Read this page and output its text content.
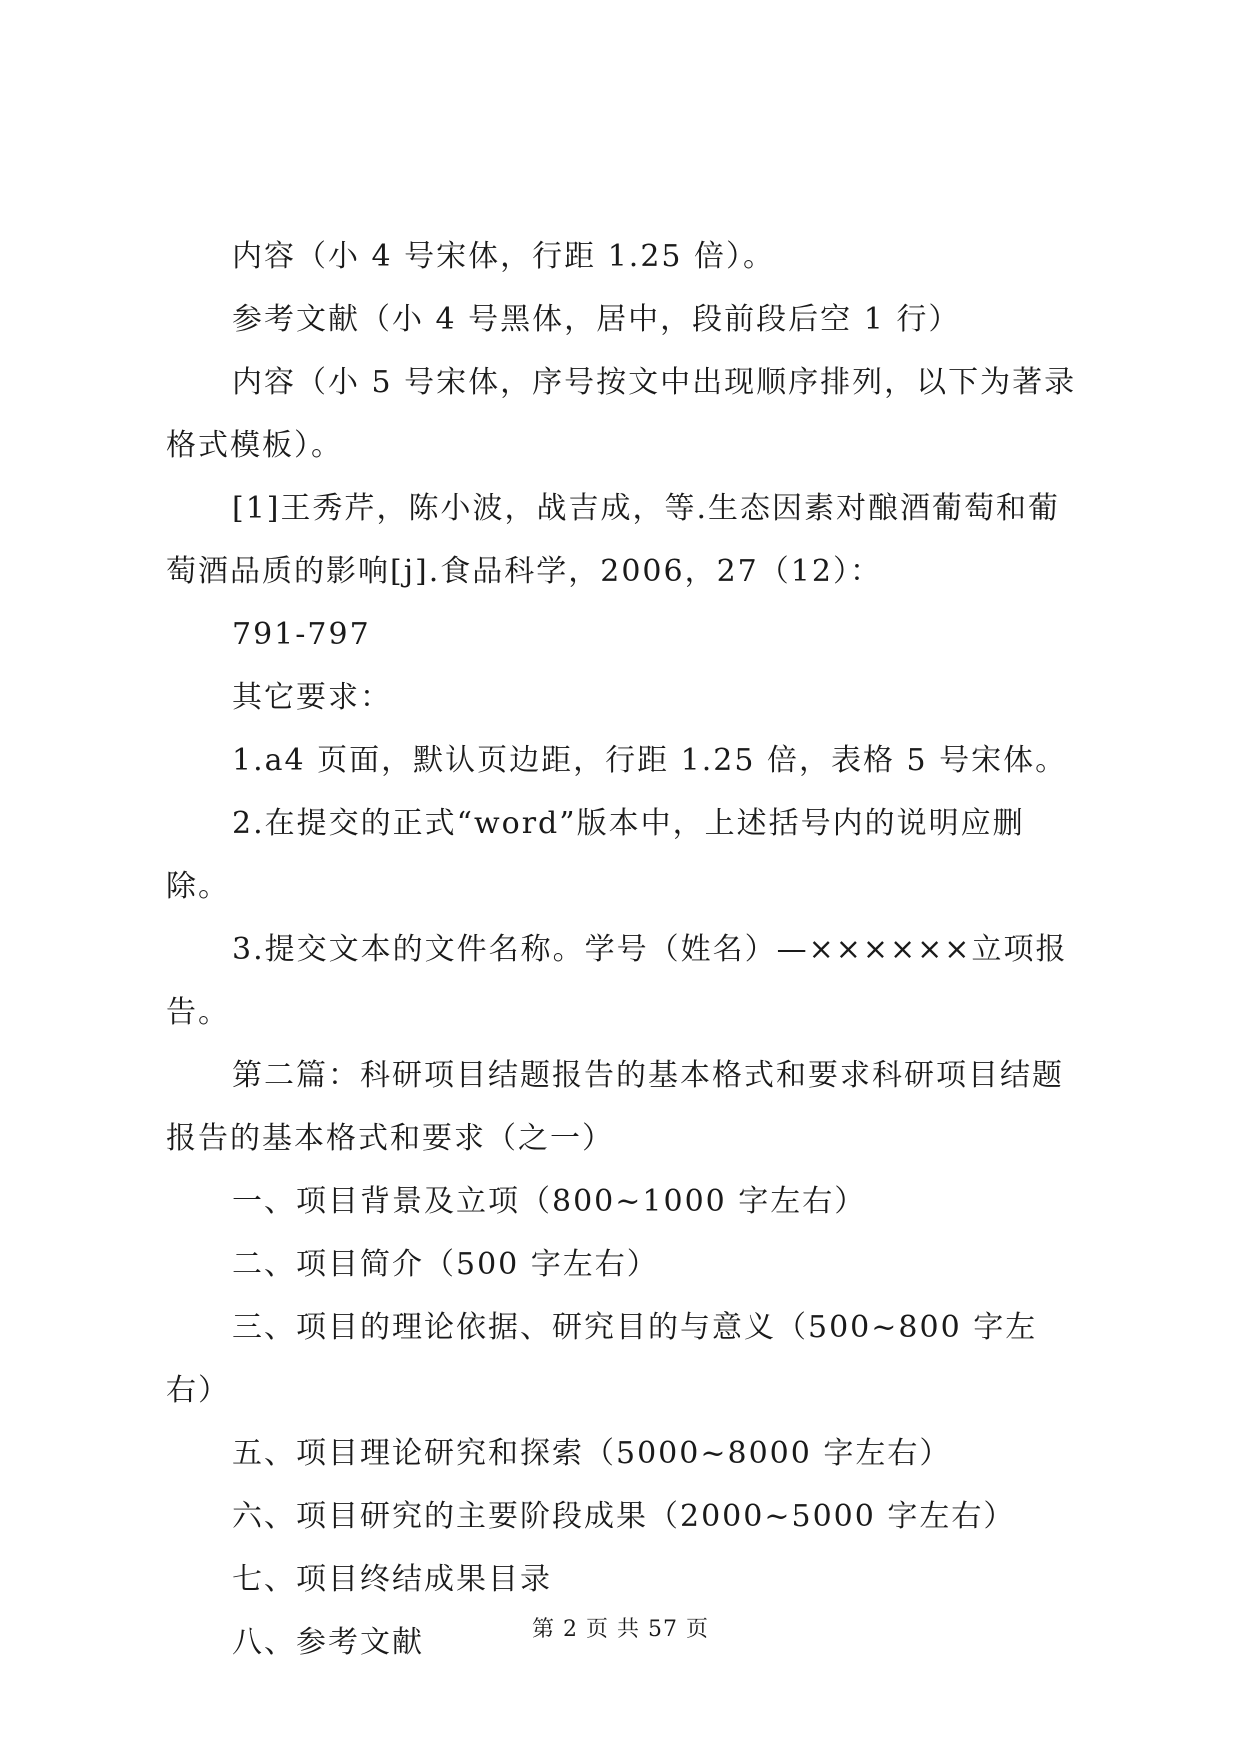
内容（小 4 号宋体，行距 1.25 倍）。

参考文献（小 4 号黑体，居中，段前段后空 1 行）

内容（小 5 号宋体，序号按文中出现顺序排列，以下为著录格式模板）。

[1]王秀芹，陈小波，战吉成，等.生态因素对酿酒葡萄和葡萄酒品质的影响[j].食品科学，2006，27（12）：

791-797

其它要求：

1.a4 页面，默认页边距，行距 1.25 倍，表格 5 号宋体。

2.在提交的正式“word”版本中，上述括号内的说明应删除。

3.提交文本的文件名称。学号（姓名）—××××××立项报告。

第二篇：科研项目结题报告的基本格式和要求科研项目结题报告的基本格式和要求（之一）

一、项目背景及立项（800~1000 字左右）

二、项目简介（500 字左右）

三、项目的理论依据、研究目的与意义（500~800 字左右）

五、项目理论研究和探索（5000~8000 字左右）

六、项目研究的主要阶段成果（2000~5000 字左右）

七、项目终结成果目录

八、参考文献	第 2 页 共 57 页
